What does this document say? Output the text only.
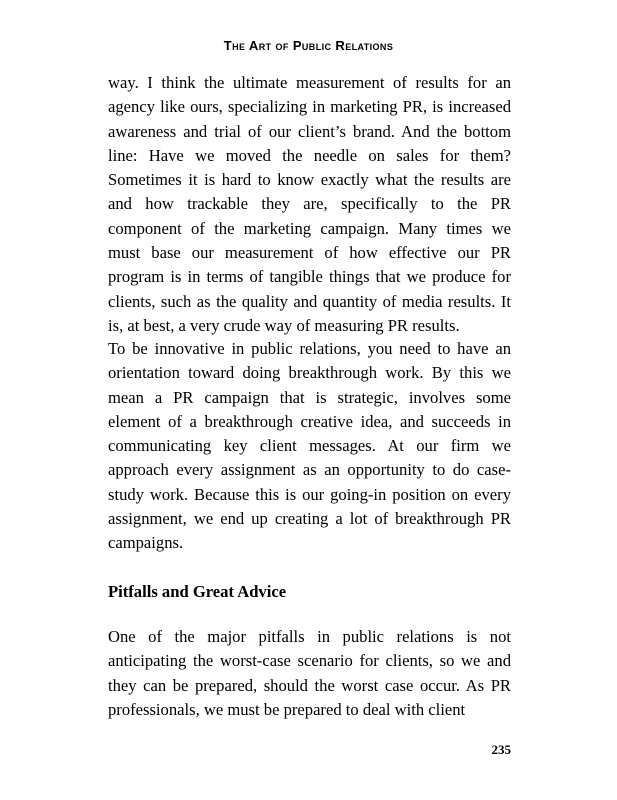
The Art of Public Relations

way. I think the ultimate measurement of results for an agency like ours, specializing in marketing PR, is increased awareness and trial of our client’s brand. And the bottom line: Have we moved the needle on sales for them? Sometimes it is hard to know exactly what the results are and how trackable they are, specifically to the PR component of the marketing campaign. Many times we must base our measurement of how effective our PR program is in terms of tangible things that we produce for clients, such as the quality and quantity of media results. It is, at best, a very crude way of measuring PR results.

To be innovative in public relations, you need to have an orientation toward doing breakthrough work. By this we mean a PR campaign that is strategic, involves some element of a breakthrough creative idea, and succeeds in communicating key client messages. At our firm we approach every assignment as an opportunity to do case-study work. Because this is our going-in position on every assignment, we end up creating a lot of breakthrough PR campaigns.

Pitfalls and Great Advice

One of the major pitfalls in public relations is not anticipating the worst-case scenario for clients, so we and they can be prepared, should the worst case occur. As PR professionals, we must be prepared to deal with client

235
